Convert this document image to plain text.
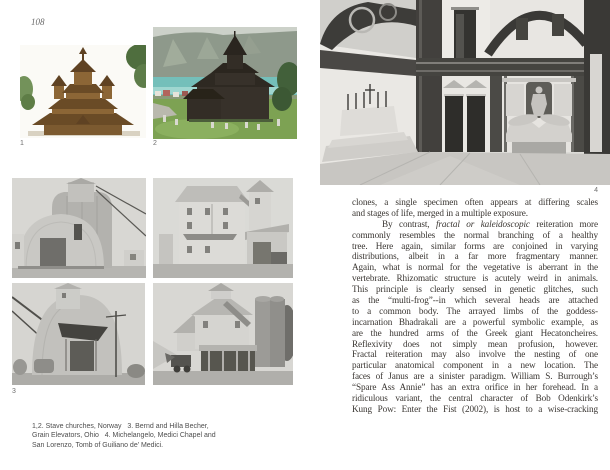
108
1	2
3
1,2. Stave churches, Norway   3. Bernd and Hilla Becher,
Grain Elevators, Ohio   4. Michelangelo, Medici Chapel and
San Lorenzo, Tomb of Guiliano de’ Medici.
4
clones, a single specimen often appears at differing scales
and stages of life, merged in a multiple exposure.
By contrast, fractal or kaleidoscopic reiteration more
commonly resembles the normal branching of a healthy
tree. Here again, similar forms are conjoined in varying
distributions, albeit in a far more fragmentary manner.
Again, what is normal for the vegetative is aberrant in the
vertebrate. Rhizomatic structure is acutely weird in animals.
This principle is clearly sensed in genetic glitches, such
as the “multi-frog”--in which several heads are attached
to a common body. The arrayed limbs of the goddess-
incarnation Bhadrakali are a powerful symbolic example, as
are the hundred arms of the Greek giant Hecatoncheires.
Reflexivity does not simply mean profusion, however.
Fractal reiteration may also involve the nesting of one
particular anatomical component in a new location. The
faces of Janus are a sinister paradigm. William S. Burrough’s
“Spare Ass Annie” has an extra orifice in her forehead. In a
ridiculous variant, the central character of Bob Odenkirk’s
Kung Pow: Enter the Fist (2002), is host to a wise-cracking
